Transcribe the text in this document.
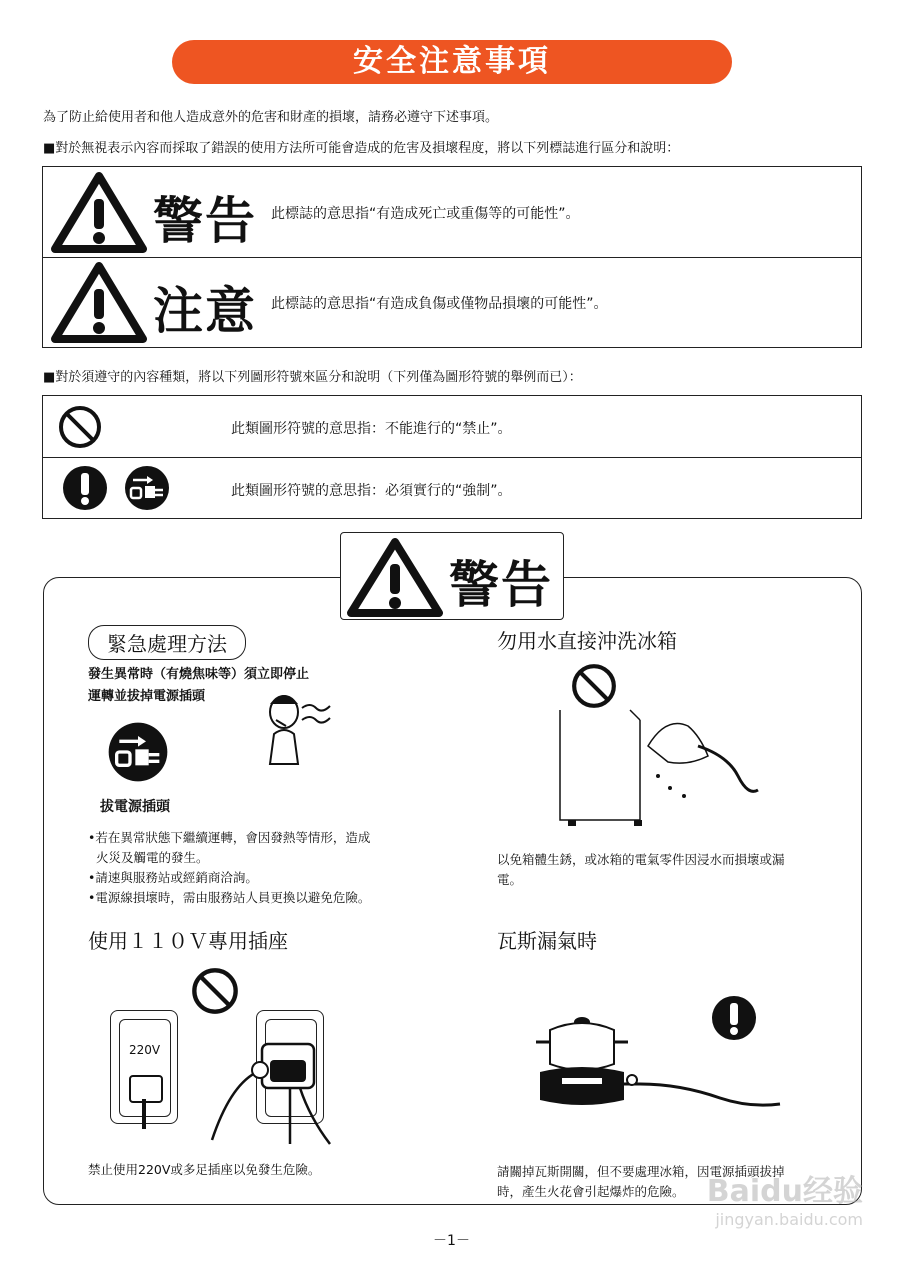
安全注意事項
為了防止給使用者和他人造成意外的危害和財產的損壞，請務必遵守下述事項。
■對於無視表示內容而採取了錯誤的使用方法所可能會造成的危害及損壞程度，將以下列標誌進行區分和說明：
警告 此標誌的意思指“有造成死亡或重傷等的可能性”。
注意 此標誌的意思指“有造成負傷或僅物品損壞的可能性”。
■對於須遵守的內容種類，將以下列圖形符號來區分和說明（下列僅為圖形符號的舉例而已）：
此類圖形符號的意思指：不能進行的“禁止”。
此類圖形符號的意思指：必須實行的“強制”。
警告
緊急處理方法
發生異常時（有燒焦味等）須立即停止
運轉並拔掉電源插頭
拔電源插頭
•若在異常狀態下繼續運轉，會因發熱等情形，造成
火災及觸電的發生。
•請速與服務站或經銷商洽詢。
•電源線損壞時，需由服務站人員更換以避免危險。
勿用水直接沖洗冰箱
以免箱體生銹，或冰箱的電氣零件因浸水而損壞或漏
電。
使用１１０Ｖ專用插座
220V
禁止使用220V或多足插座以免發生危險。
瓦斯漏氣時
請關掉瓦斯開關，但不要處理冰箱，因電源插頭拔掉
時，產生火花會引起爆炸的危險。 Baidu经验
jingyan.baidu.com
－1－
